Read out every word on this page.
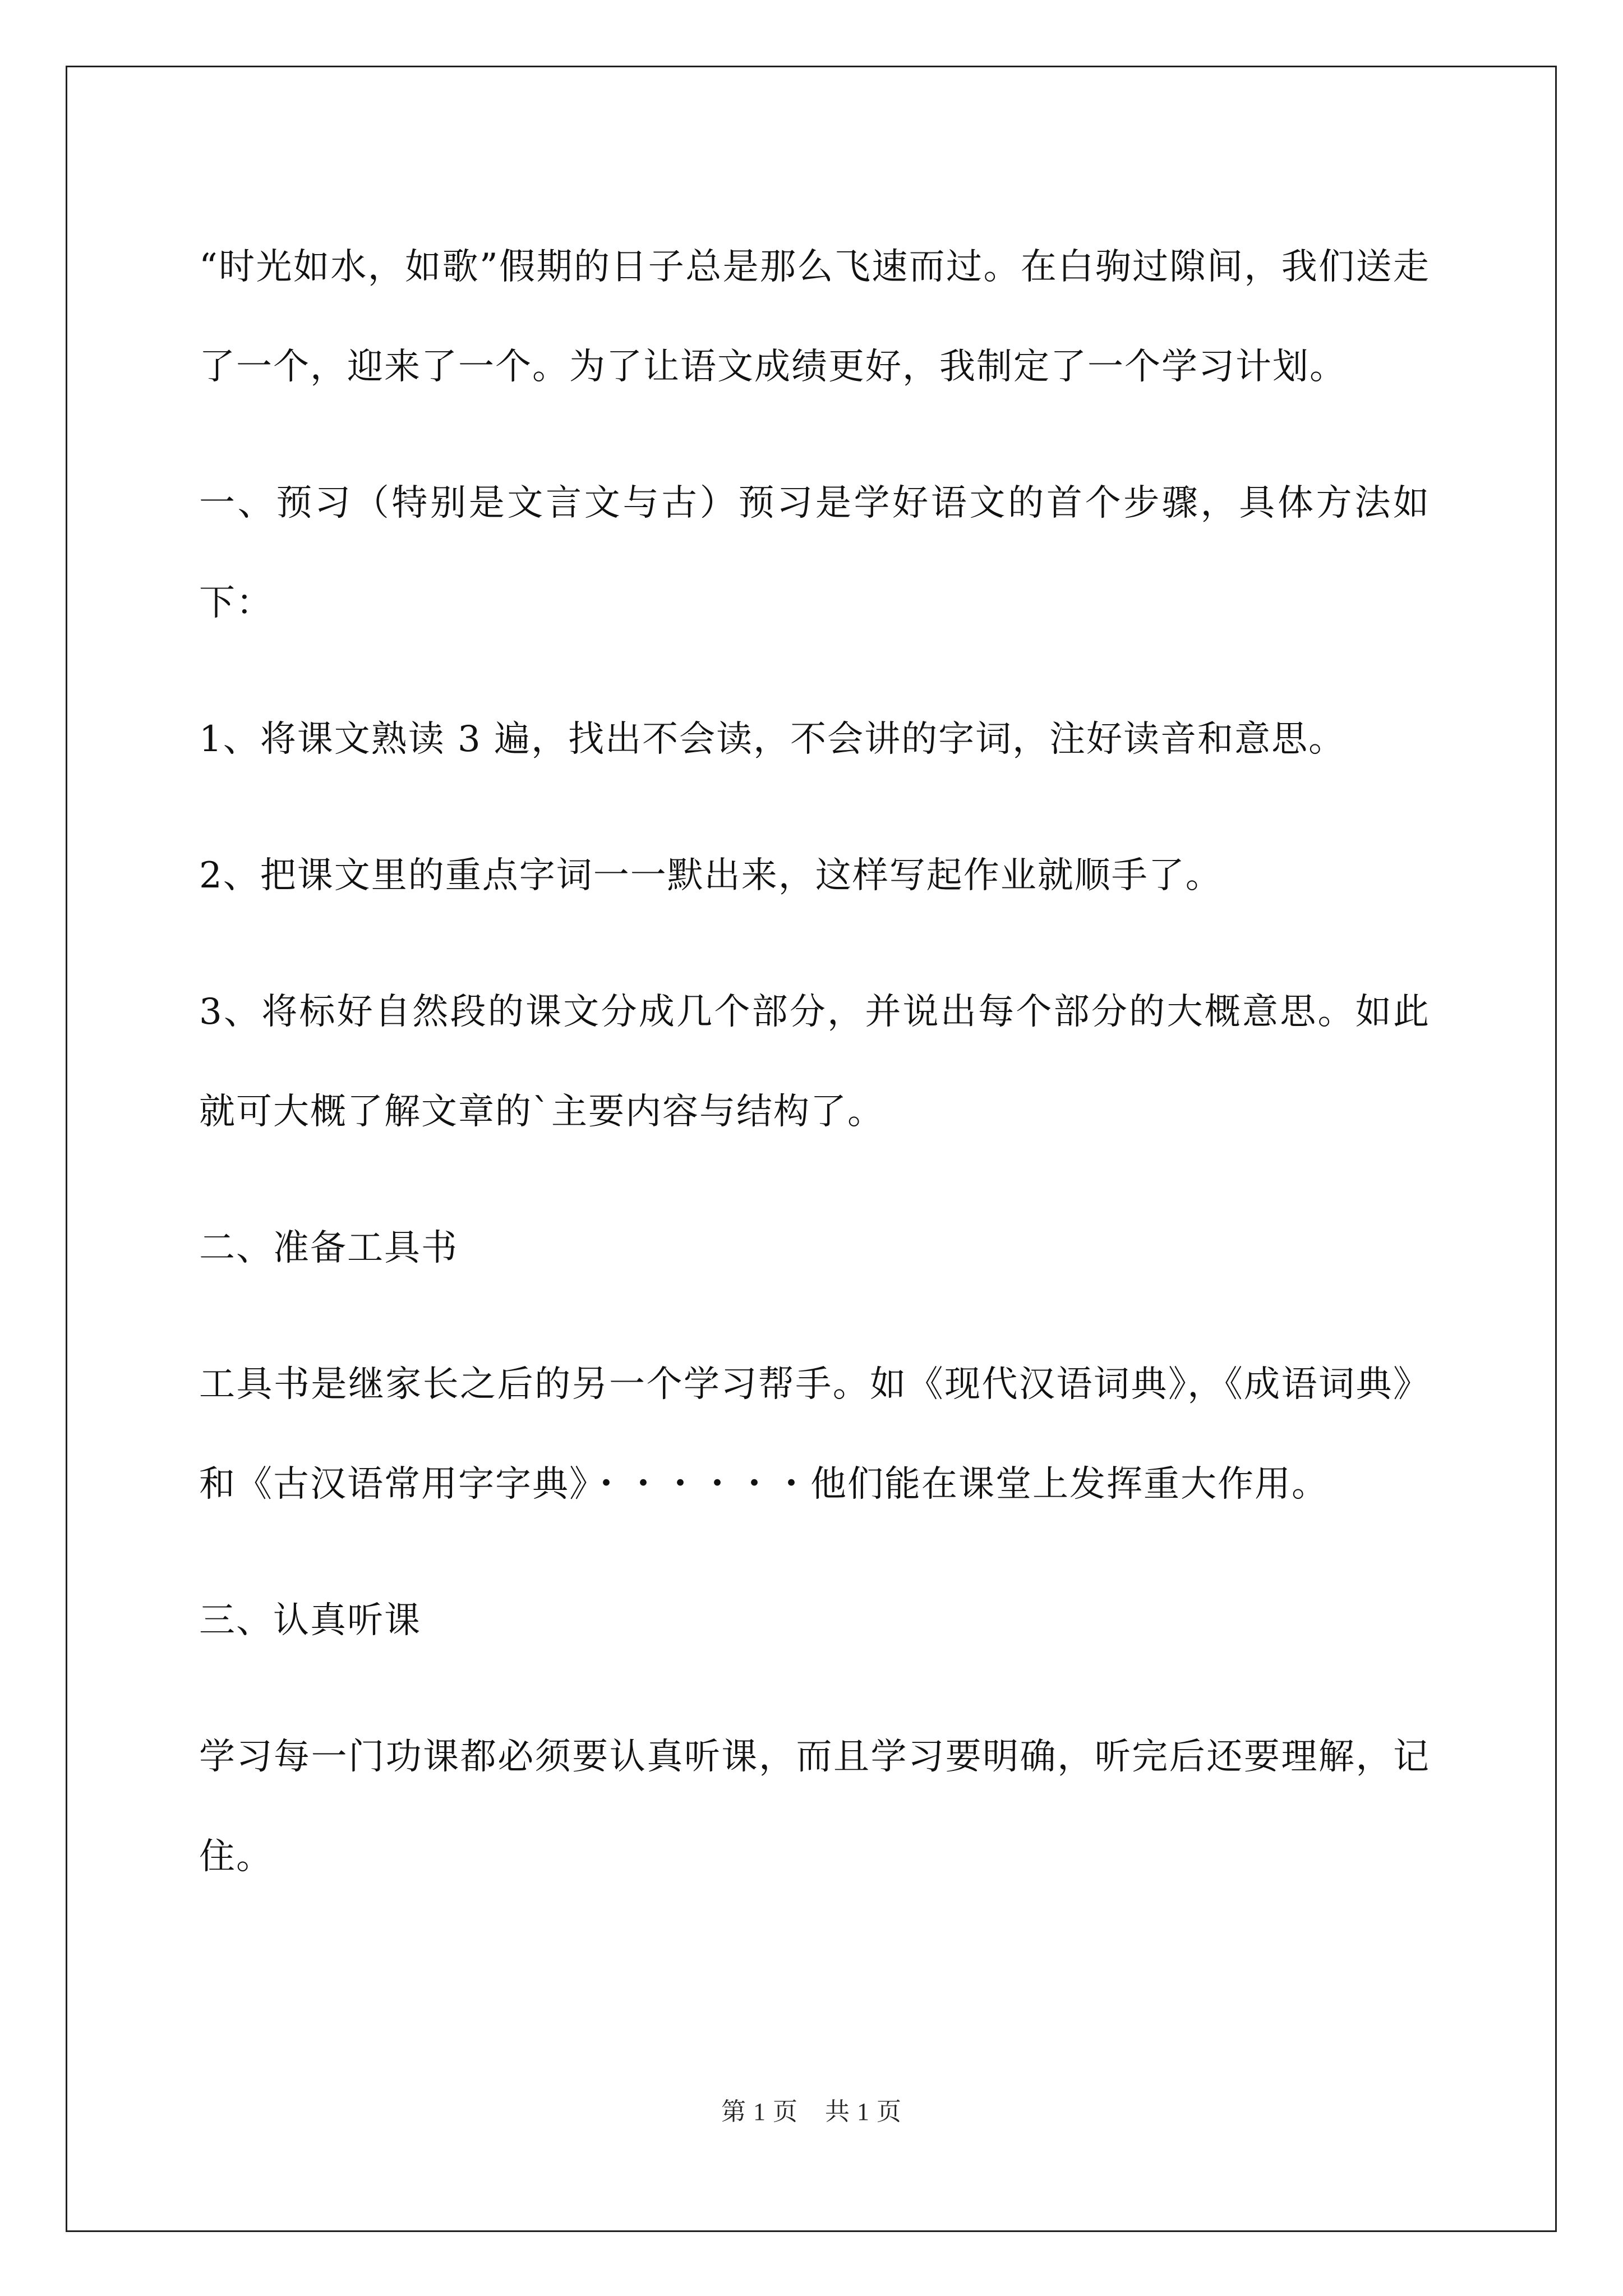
“时光如水，如歌”假期的日子总是那么飞速而过。在白驹过隙间，我们送走了一个，迎来了一个。为了让语文成绩更好，我制定了一个学习计划。

一、预习（特别是文言文与古）预习是学好语文的首个步骤，具体方法如下：

1、将课文熟读 3 遍，找出不会读，不会讲的字词，注好读音和意思。

2、把课文里的重点字词一一默出来，这样写起作业就顺手了。

3、将标好自然段的课文分成几个部分，并说出每个部分的大概意思。如此就可大概了解文章的`主要内容与结构了。

二、准备工具书

工具书是继家长之后的另一个学习帮手。如《现代汉语词典》，《成语词典》和《古汉语常用字字典》・・・・・・他们能在课堂上发挥重大作用。

三、认真听课

学习每一门功课都必须要认真听课，而且学习要明确，听完后还要理解，记住。

第 1 页 共 1 页
